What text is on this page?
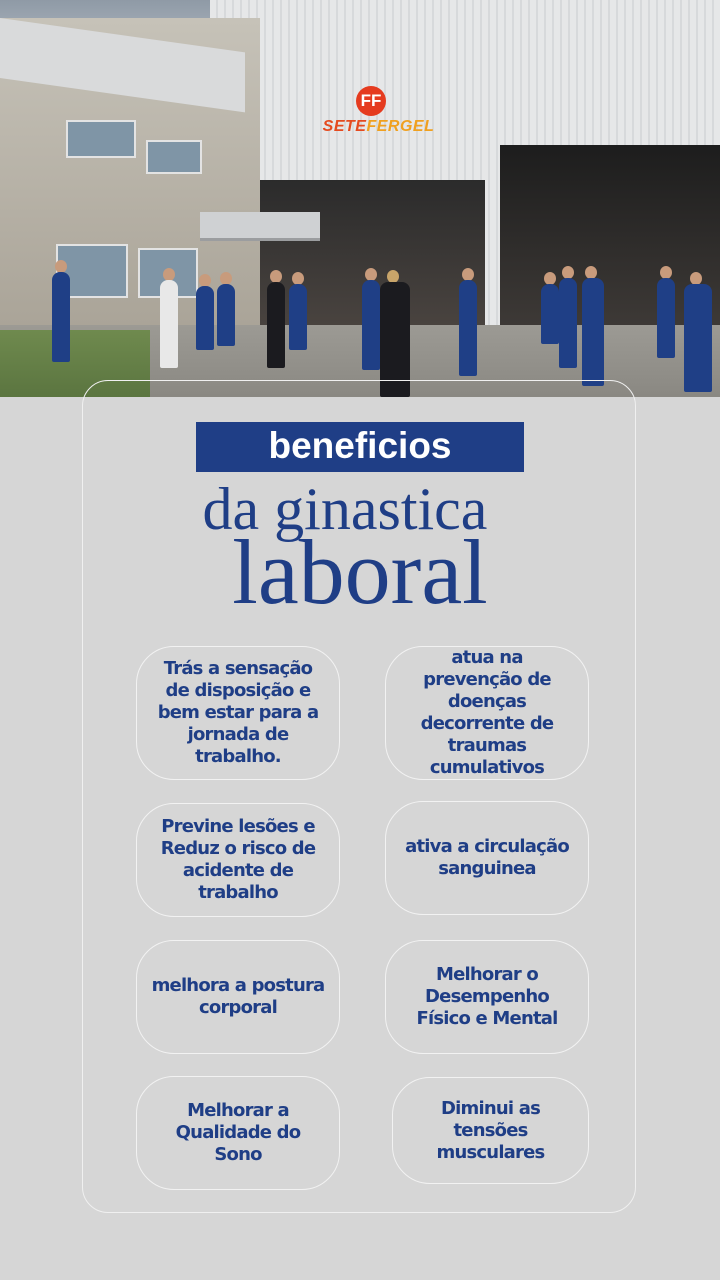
FF
SETEFERGEL
beneficios
da ginastica
laboral
Trás a sensação de disposição e bem estar para a jornada de trabalho.
atua na prevenção de doenças decorrente de traumas cumulativos
Previne lesões e Reduz o risco de acidente de trabalho
ativa a circulação sanguinea
melhora a postura corporal
Melhorar o Desempenho Físico e Mental
Melhorar a Qualidade do Sono
Diminui as tensões musculares
